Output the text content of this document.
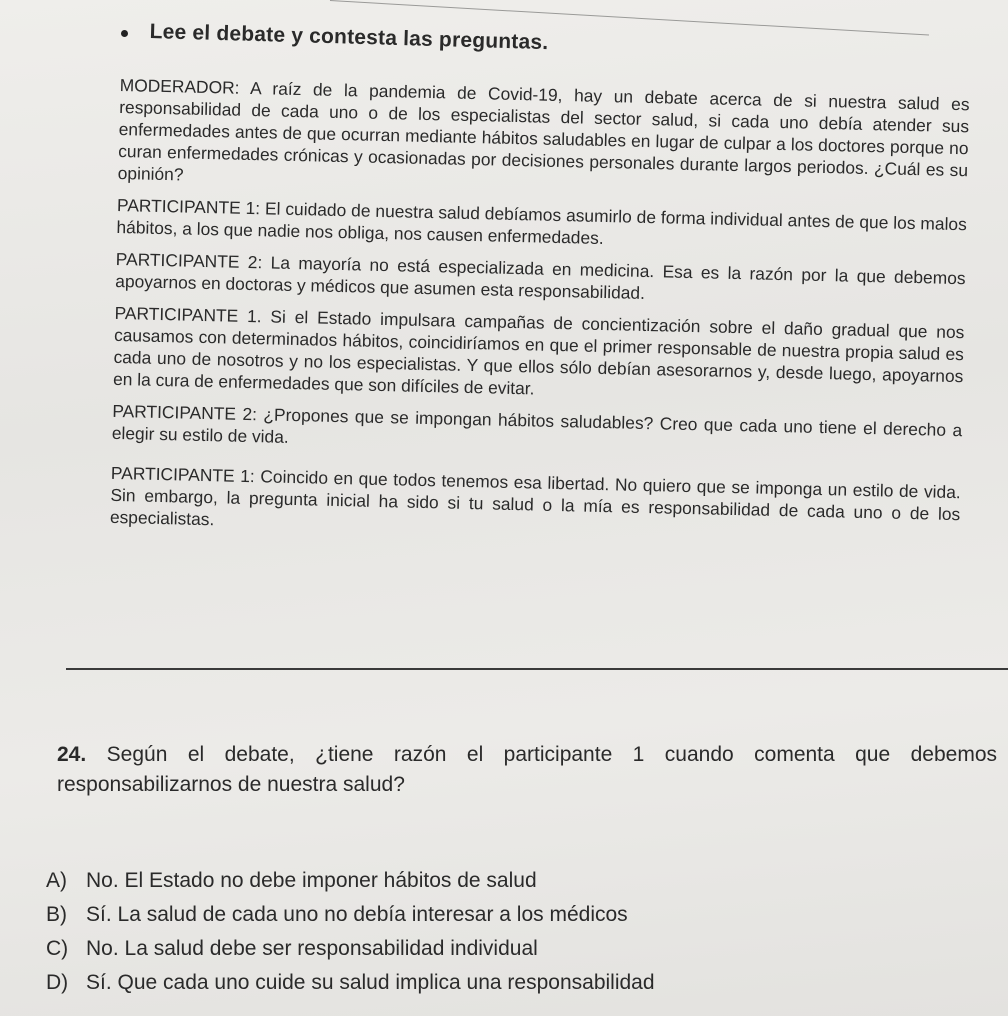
Lee el debate y contesta las preguntas.

MODERADOR: A raíz de la pandemia de Covid-19, hay un debate acerca de si nuestra salud es responsabilidad de cada uno o de los especialistas del sector salud, si cada uno debía atender sus enfermedades antes de que ocurran mediante hábitos saludables en lugar de culpar a los doctores porque no curan enfermedades crónicas y ocasionadas por decisiones personales durante largos periodos. ¿Cuál es su opinión?

PARTICIPANTE 1: El cuidado de nuestra salud debíamos asumirlo de forma individual antes de que los malos hábitos, a los que nadie nos obliga, nos causen enfermedades.

PARTICIPANTE 2: La mayoría no está especializada en medicina. Esa es la razón por la que debemos apoyarnos en doctoras y médicos que asumen esta responsabilidad.

PARTICIPANTE 1. Si el Estado impulsara campañas de concientización sobre el daño gradual que nos causamos con determinados hábitos, coincidiríamos en que el primer responsable de nuestra propia salud es cada uno de nosotros y no los especialistas. Y que ellos sólo debían asesorarnos y, desde luego, apoyarnos en la cura de enfermedades que son difíciles de evitar.

PARTICIPANTE 2: ¿Propones que se impongan hábitos saludables? Creo que cada uno tiene el derecho a elegir su estilo de vida.

PARTICIPANTE 1: Coincido en que todos tenemos esa libertad. No quiero que se imponga un estilo de vida. Sin embargo, la pregunta inicial ha sido si tu salud o la mía es responsabilidad de cada uno o de los especialistas.

24. Según el debate, ¿tiene razón el participante 1 cuando comenta que debemos responsabilizarnos de nuestra salud?
A) No. El Estado no debe imponer hábitos de salud
B) Sí. La salud de cada uno no debía interesar a los médicos
C) No. La salud debe ser responsabilidad individual
D) Sí. Que cada uno cuide su salud implica una responsabilidad
